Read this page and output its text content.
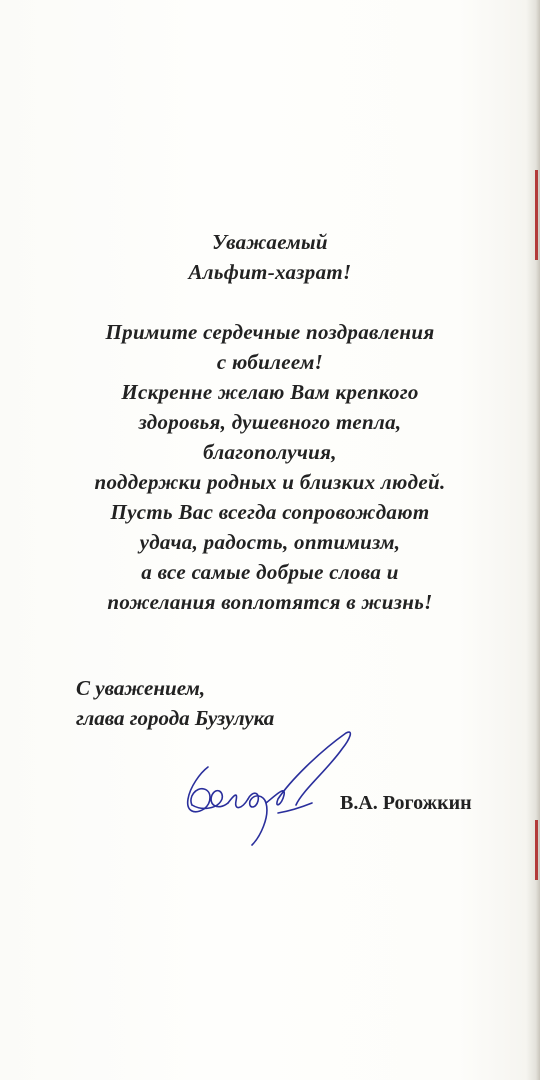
Уважаемый
Альфит-хазрат!
Примите сердечные поздравления
с юбилеем!
Искренне желаю Вам крепкого
здоровья, душевного тепла,
благополучия,
поддержки родных и близких людей.
Пусть Вас всегда сопровождают
удача, радость, оптимизм,
а все самые добрые слова и
пожелания воплотятся в жизнь!
С уважением,
глава города Бузулука
В.А. Рогожкин
